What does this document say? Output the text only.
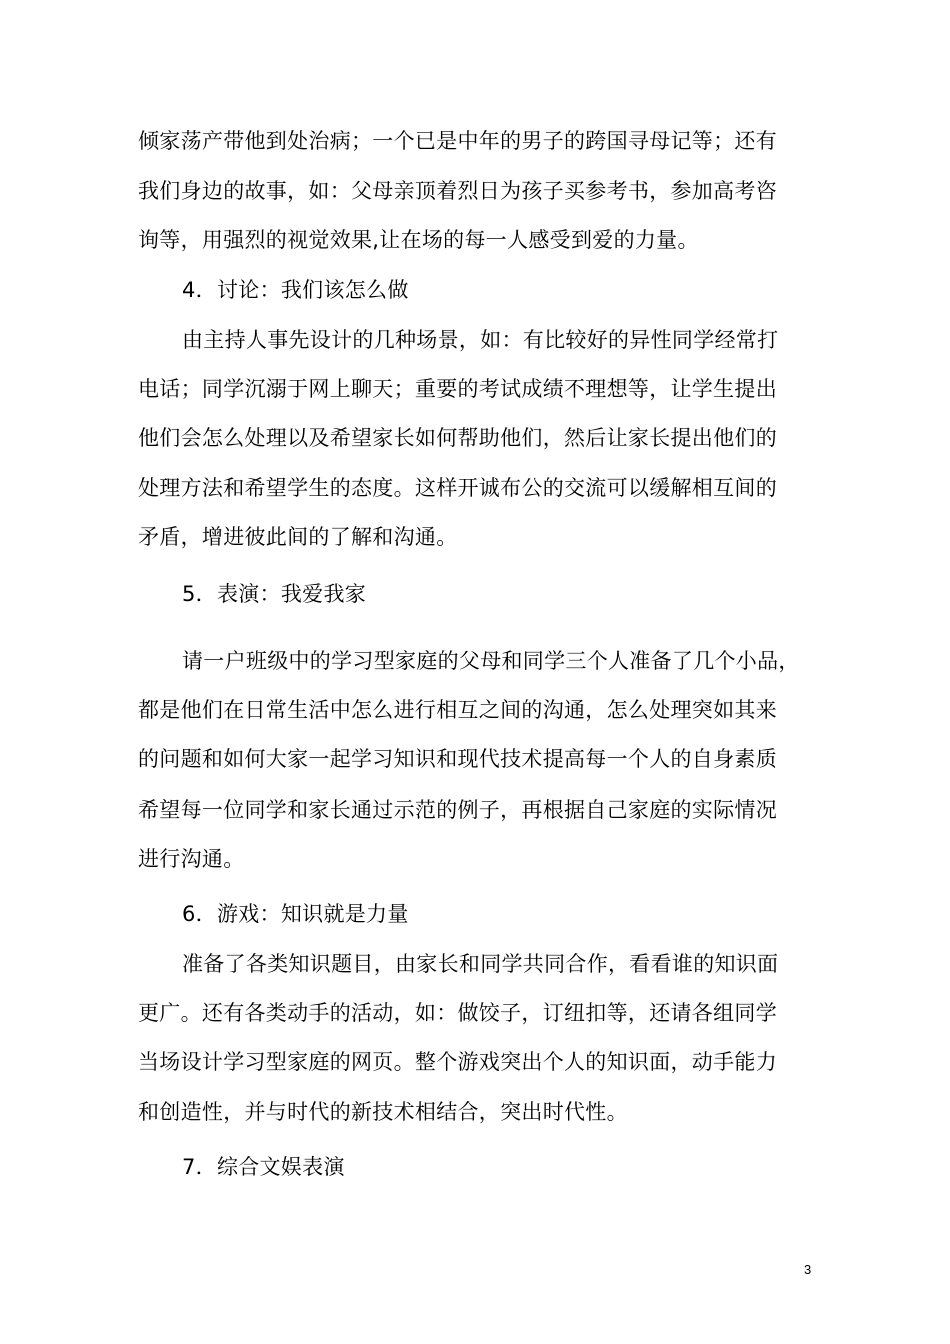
倾家荡产带他到处治病；一个已是中年的男子的跨国寻母记等；还有
我们身边的故事，如：父母亲顶着烈日为孩子买参考书，参加高考咨
询等，用强烈的视觉效果,让在场的每一人感受到爱的力量。
4．讨论：我们该怎么做
由主持人事先设计的几种场景，如：有比较好的异性同学经常打
电话；同学沉溺于网上聊天；重要的考试成绩不理想等，让学生提出
他们会怎么处理以及希望家长如何帮助他们，然后让家长提出他们的
处理方法和希望学生的态度。这样开诚布公的交流可以缓解相互间的
矛盾，增进彼此间的了解和沟通。
5．表演：我爱我家
请一户班级中的学习型家庭的父母和同学三个人准备了几个小品，
都是他们在日常生活中怎么进行相互之间的沟通，怎么处理突如其来
的问题和如何大家一起学习知识和现代技术提高每一个人的自身素质
希望每一位同学和家长通过示范的例子，再根据自己家庭的实际情况
进行沟通。
6．游戏：知识就是力量
准备了各类知识题目，由家长和同学共同合作，看看谁的知识面
更广。还有各类动手的活动，如：做饺子，订纽扣等，还请各组同学
当场设计学习型家庭的网页。整个游戏突出个人的知识面，动手能力
和创造性，并与时代的新技术相结合，突出时代性。
7．综合文娱表演
3
